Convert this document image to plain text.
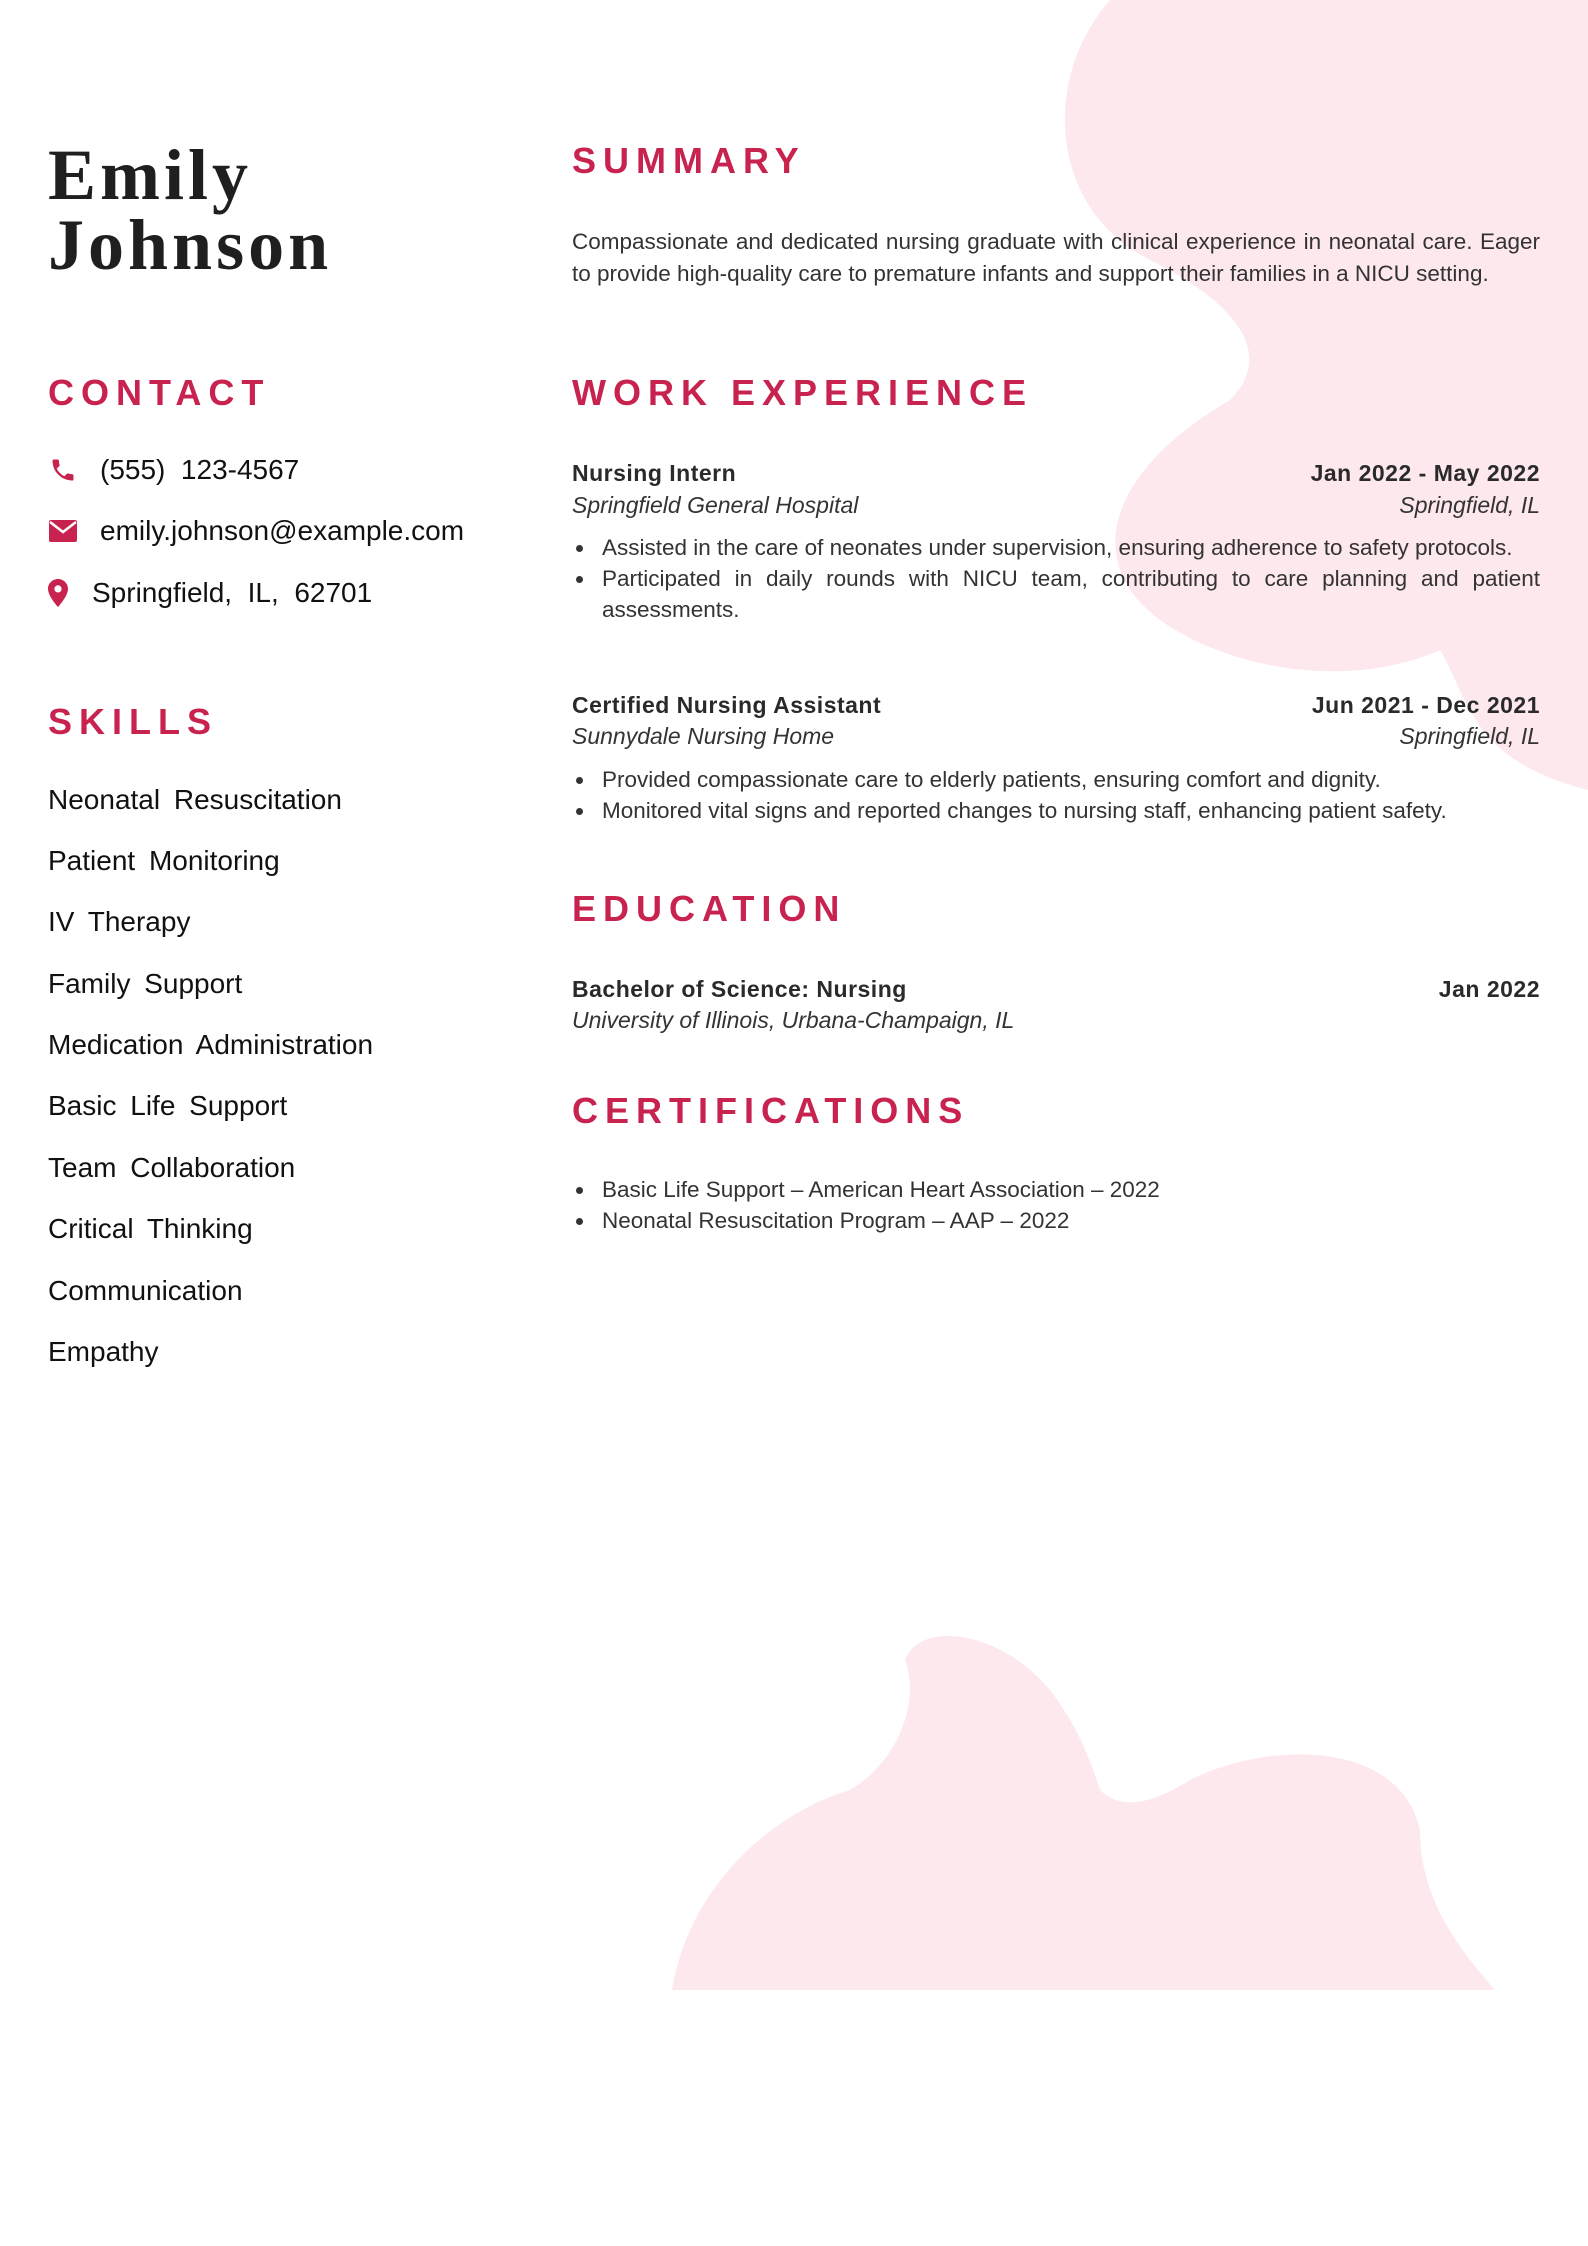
Emily
Johnson
CONTACT
(555)  123-4567
emily.johnson@example.com
Springfield,  IL,  62701
SKILLS
Neonatal Resuscitation
Patient Monitoring
IV Therapy
Family Support
Medication Administration
Basic Life Support
Team Collaboration
Critical Thinking
Communication
Empathy
SUMMARY

Compassionate and dedicated nursing graduate with clinical experience in neonatal care. Eager to provide high-quality care to premature infants and support their families in a NICU setting.

WORK EXPERIENCE
Nursing Intern	Jan 2022 - May 2022
Springfield General Hospital	Springfield, IL
Assisted in the care of neonates under supervision, ensuring adherence to safety protocols.
Participated in daily rounds with NICU team, contributing to care planning and patient assessments.
Certified Nursing Assistant	Jun 2021 - Dec 2021
Sunnydale Nursing Home	Springfield, IL
Provided compassionate care to elderly patients, ensuring comfort and dignity.
Monitored vital signs and reported changes to nursing staff, enhancing patient safety.
EDUCATION
Bachelor of Science: Nursing	Jan 2022
University of Illinois, Urbana-Champaign, IL
CERTIFICATIONS
Basic Life Support – American Heart Association – 2022
Neonatal Resuscitation Program – AAP – 2022
